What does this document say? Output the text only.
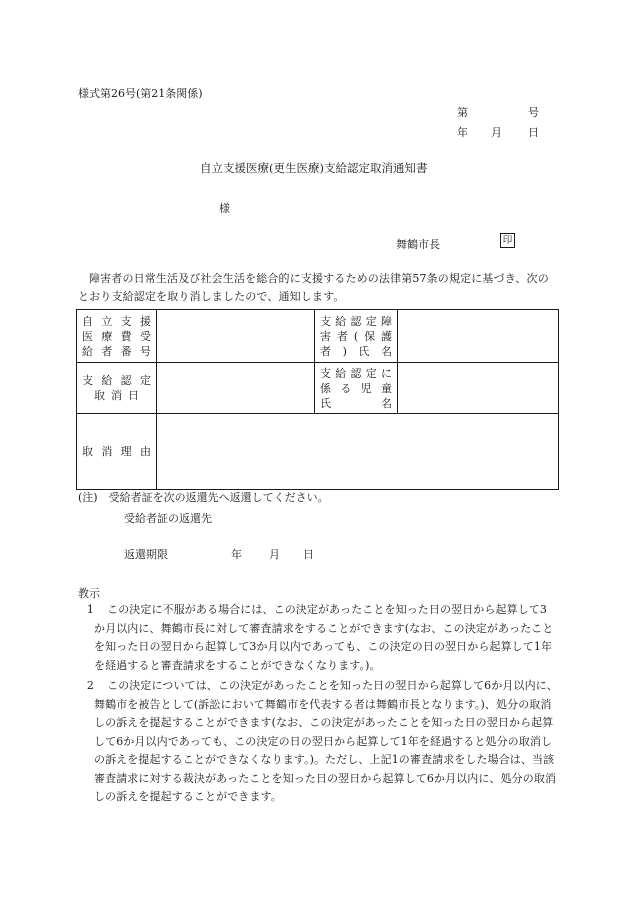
様式第26号(第21条関係)
第	号
年 月 日
自立支援医療(更生医療)支給認定取消通知書
様
舞鶴市長	印
障害者の日常生活及び社会生活を総合的に支援するための法律第57条の規定に基づき、次のとおり支給認定を取り消しましたので、通知します。
自立支援
医療費受
給者番号		支給認定障
害者(保護
者)氏名	

支給認定
取消日		支給認定に
係る児童
氏名	

取消理由			

(注)　受給者証を次の返還先へ返還してください。
受給者証の返還先
返還期限	年 月 日
教示
1　 この決定に不服がある場合には、この決定があったことを知った日の翌日から起算して3か月以内に、舞鶴市長に対して審査請求をすることができます(なお、この決定があったことを知った日の翌日から起算して3か月以内であっても、この決定の日の翌日から起算して1年を経過すると審査請求をすることができなくなります。)。
2　 この決定については、この決定があったことを知った日の翌日から起算して6か月以内に、舞鶴市を被告として(訴訟において舞鶴市を代表する者は舞鶴市長となります。)、処分の取消しの訴えを提起することができます(なお、この決定があったことを知った日の翌日から起算して6か月以内であっても、この決定の日の翌日から起算して1年を経過すると処分の取消しの訴えを提起することができなくなります。)。ただし、上記1の審査請求をした場合は、当該審査請求に対する裁決があったことを知った日の翌日から起算して6か月以内に、処分の取消しの訴えを提起することができます。
